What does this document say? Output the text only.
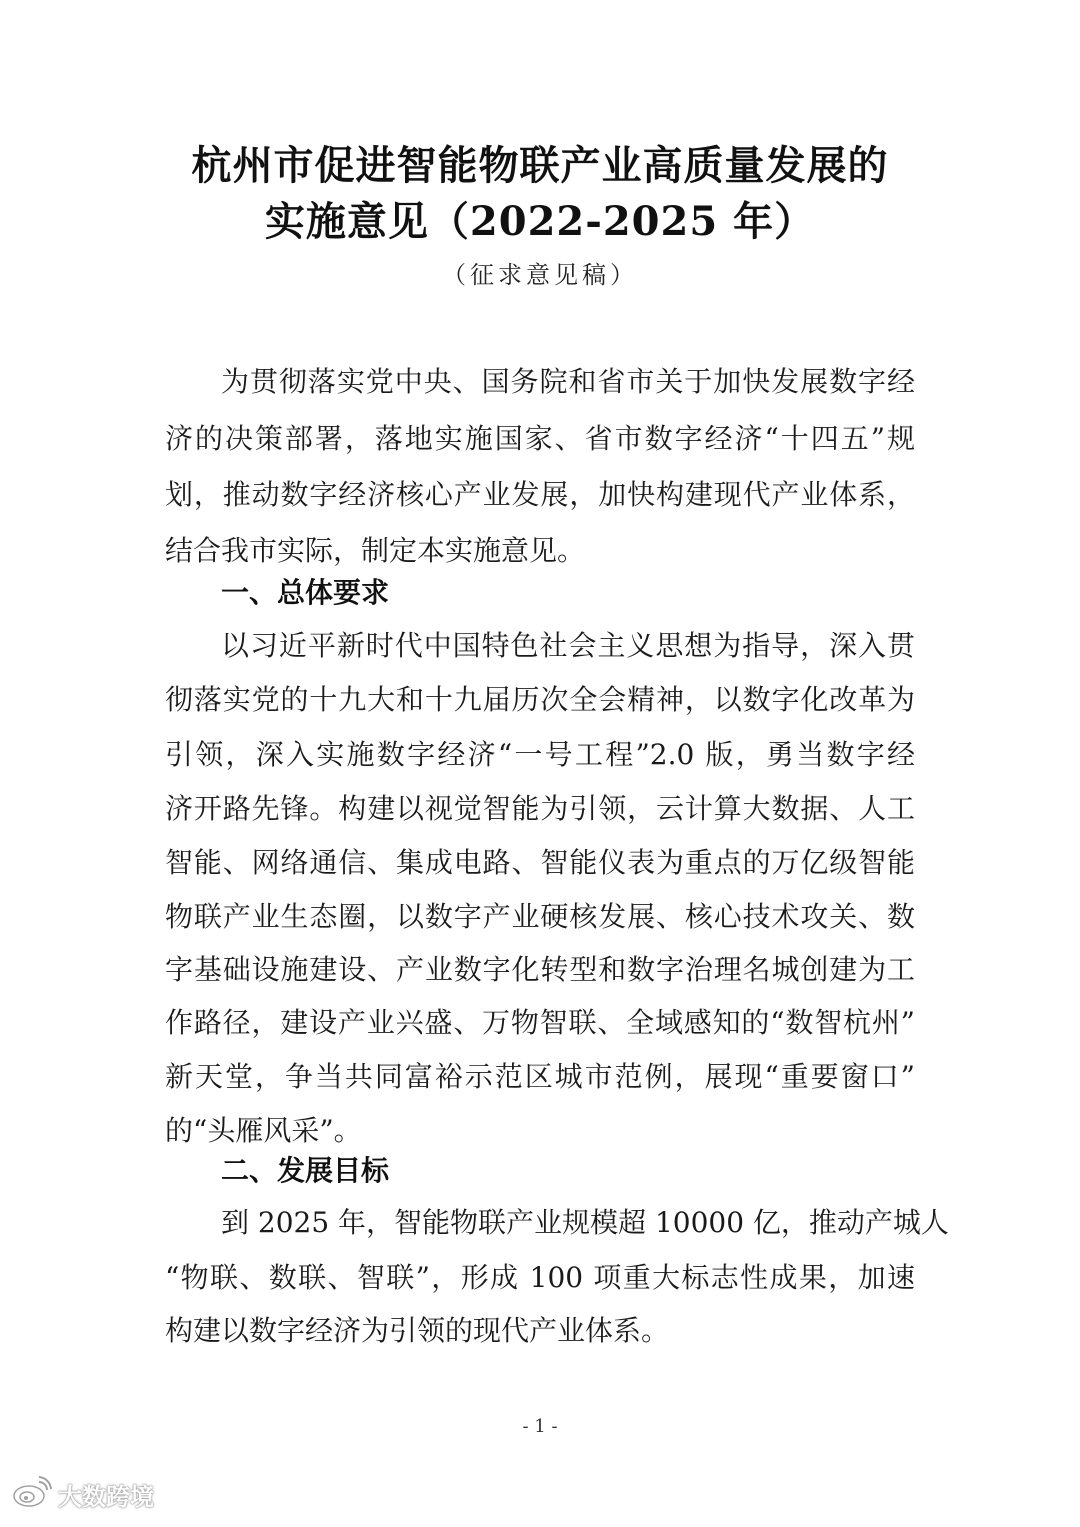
杭州市促进智能物联产业高质量发展的
实施意见（2022-2025 年）
（征求意见稿）
为贯彻落实党中央、国务院和省市关于加快发展数字经
济的决策部署，落地实施国家、省市数字经济“十四五”规
划，推动数字经济核心产业发展，加快构建现代产业体系，
结合我市实际，制定本实施意见。
一、总体要求
以习近平新时代中国特色社会主义思想为指导，深入贯
彻落实党的十九大和十九届历次全会精神，以数字化改革为
引领，深入实施数字经济“一号工程”2.0 版，勇当数字经
济开路先锋。构建以视觉智能为引领，云计算大数据、人工
智能、网络通信、集成电路、智能仪表为重点的万亿级智能
物联产业生态圈，以数字产业硬核发展、核心技术攻关、数
字基础设施建设、产业数字化转型和数字治理名城创建为工
作路径，建设产业兴盛、万物智联、全域感知的“数智杭州”
新天堂，争当共同富裕示范区城市范例，展现“重要窗口”
的“头雁风采”。
二、发展目标
到 2025 年，智能物联产业规模超 10000 亿，推动产城人
“物联、数联、智联”，形成 100 项重大标志性成果，加速
构建以数字经济为引领的现代产业体系。
- 1 -
大数跨境
